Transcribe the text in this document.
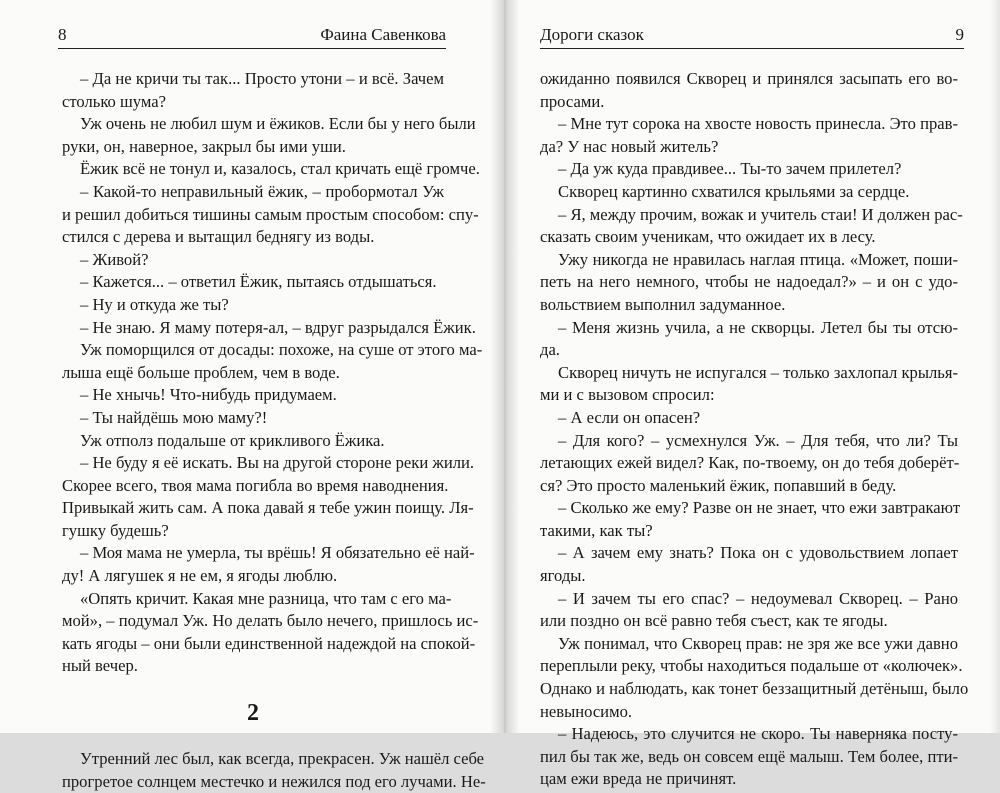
8	Фаина Савенкова
– Да не кричи ты так... Просто утони – и всё. Зачем
столько шума?
Уж очень не любил шум и ёжиков. Если бы у него были
руки, он, наверное, закрыл бы ими уши.
Ёжик всё не тонул и, казалось, стал кричать ещё громче.
– Какой-то неправильный ёжик, – пробормотал Уж
и решил добиться тишины самым простым способом: спу-
стился с дерева и вытащил беднягу из воды.
– Живой?
– Кажется... – ответил Ёжик, пытаясь отдышаться.
– Ну и откуда же ты?
– Не знаю. Я маму потеря-ал, – вдруг разрыдался Ёжик.
Уж поморщился от досады: похоже, на суше от этого ма-
лыша ещё больше проблем, чем в воде.
– Не хнычь! Что-нибудь придумаем.
– Ты найдёшь мою маму?!
Уж отполз подальше от крикливого Ёжика.
– Не буду я её искать. Вы на другой стороне реки жили.
Скорее всего, твоя мама погибла во время наводнения.
Привыкай жить сам. А пока давай я тебе ужин поищу. Ля-
гушку будешь?
– Моя мама не умерла, ты врёшь! Я обязательно её най-
ду! А лягушек я не ем, я ягоды люблю.
«Опять кричит. Какая мне разница, что там с его ма-
мой», – подумал Уж. Но делать было нечего, пришлось ис-
кать ягоды – они были единственной надеждой на спокой-
ный вечер.
2
Утренний лес был, как всегда, прекрасен. Уж нашёл себе
прогретое солнцем местечко и нежился под его лучами. Не-
Дороги сказок	9
ожиданно появился Скворец и принялся засыпать его во-
просами.
– Мне тут сорока на хвосте новость принесла. Это прав-
да? У нас новый житель?
– Да уж куда правдивее... Ты-то зачем прилетел?
Скворец картинно схватился крыльями за сердце.
– Я, между прочим, вожак и учитель стаи! И должен рас-
сказать своим ученикам, что ожидает их в лесу.
Ужу никогда не нравилась наглая птица. «Может, поши-
петь на него немного, чтобы не надоедал?» – и он с удо-
вольствием выполнил задуманное.
– Меня жизнь учила, а не скворцы. Летел бы ты отсю-
да.
Скворец ничуть не испугался – только захлопал крылья-
ми и с вызовом спросил:
– А если он опасен?
– Для кого? – усмехнулся Уж. – Для тебя, что ли? Ты
летающих ежей видел? Как, по-твоему, он до тебя доберёт-
ся? Это просто маленький ёжик, попавший в беду.
– Сколько же ему? Разве он не знает, что ежи завтракают
такими, как ты?
– А зачем ему знать? Пока он с удовольствием лопает
ягоды.
– И зачем ты его спас? – недоумевал Скворец. – Рано
или поздно он всё равно тебя съест, как те ягоды.
Уж понимал, что Скворец прав: не зря же все ужи давно
переплыли реку, чтобы находиться подальше от «колючек».
Однако и наблюдать, как тонет беззащитный детёныш, было
невыносимо.
– Надеюсь, это случится не скоро. Ты наверняка посту-
пил бы так же, ведь он совсем ещё малыш. Тем более, пти-
цам ежи вреда не причинят.
